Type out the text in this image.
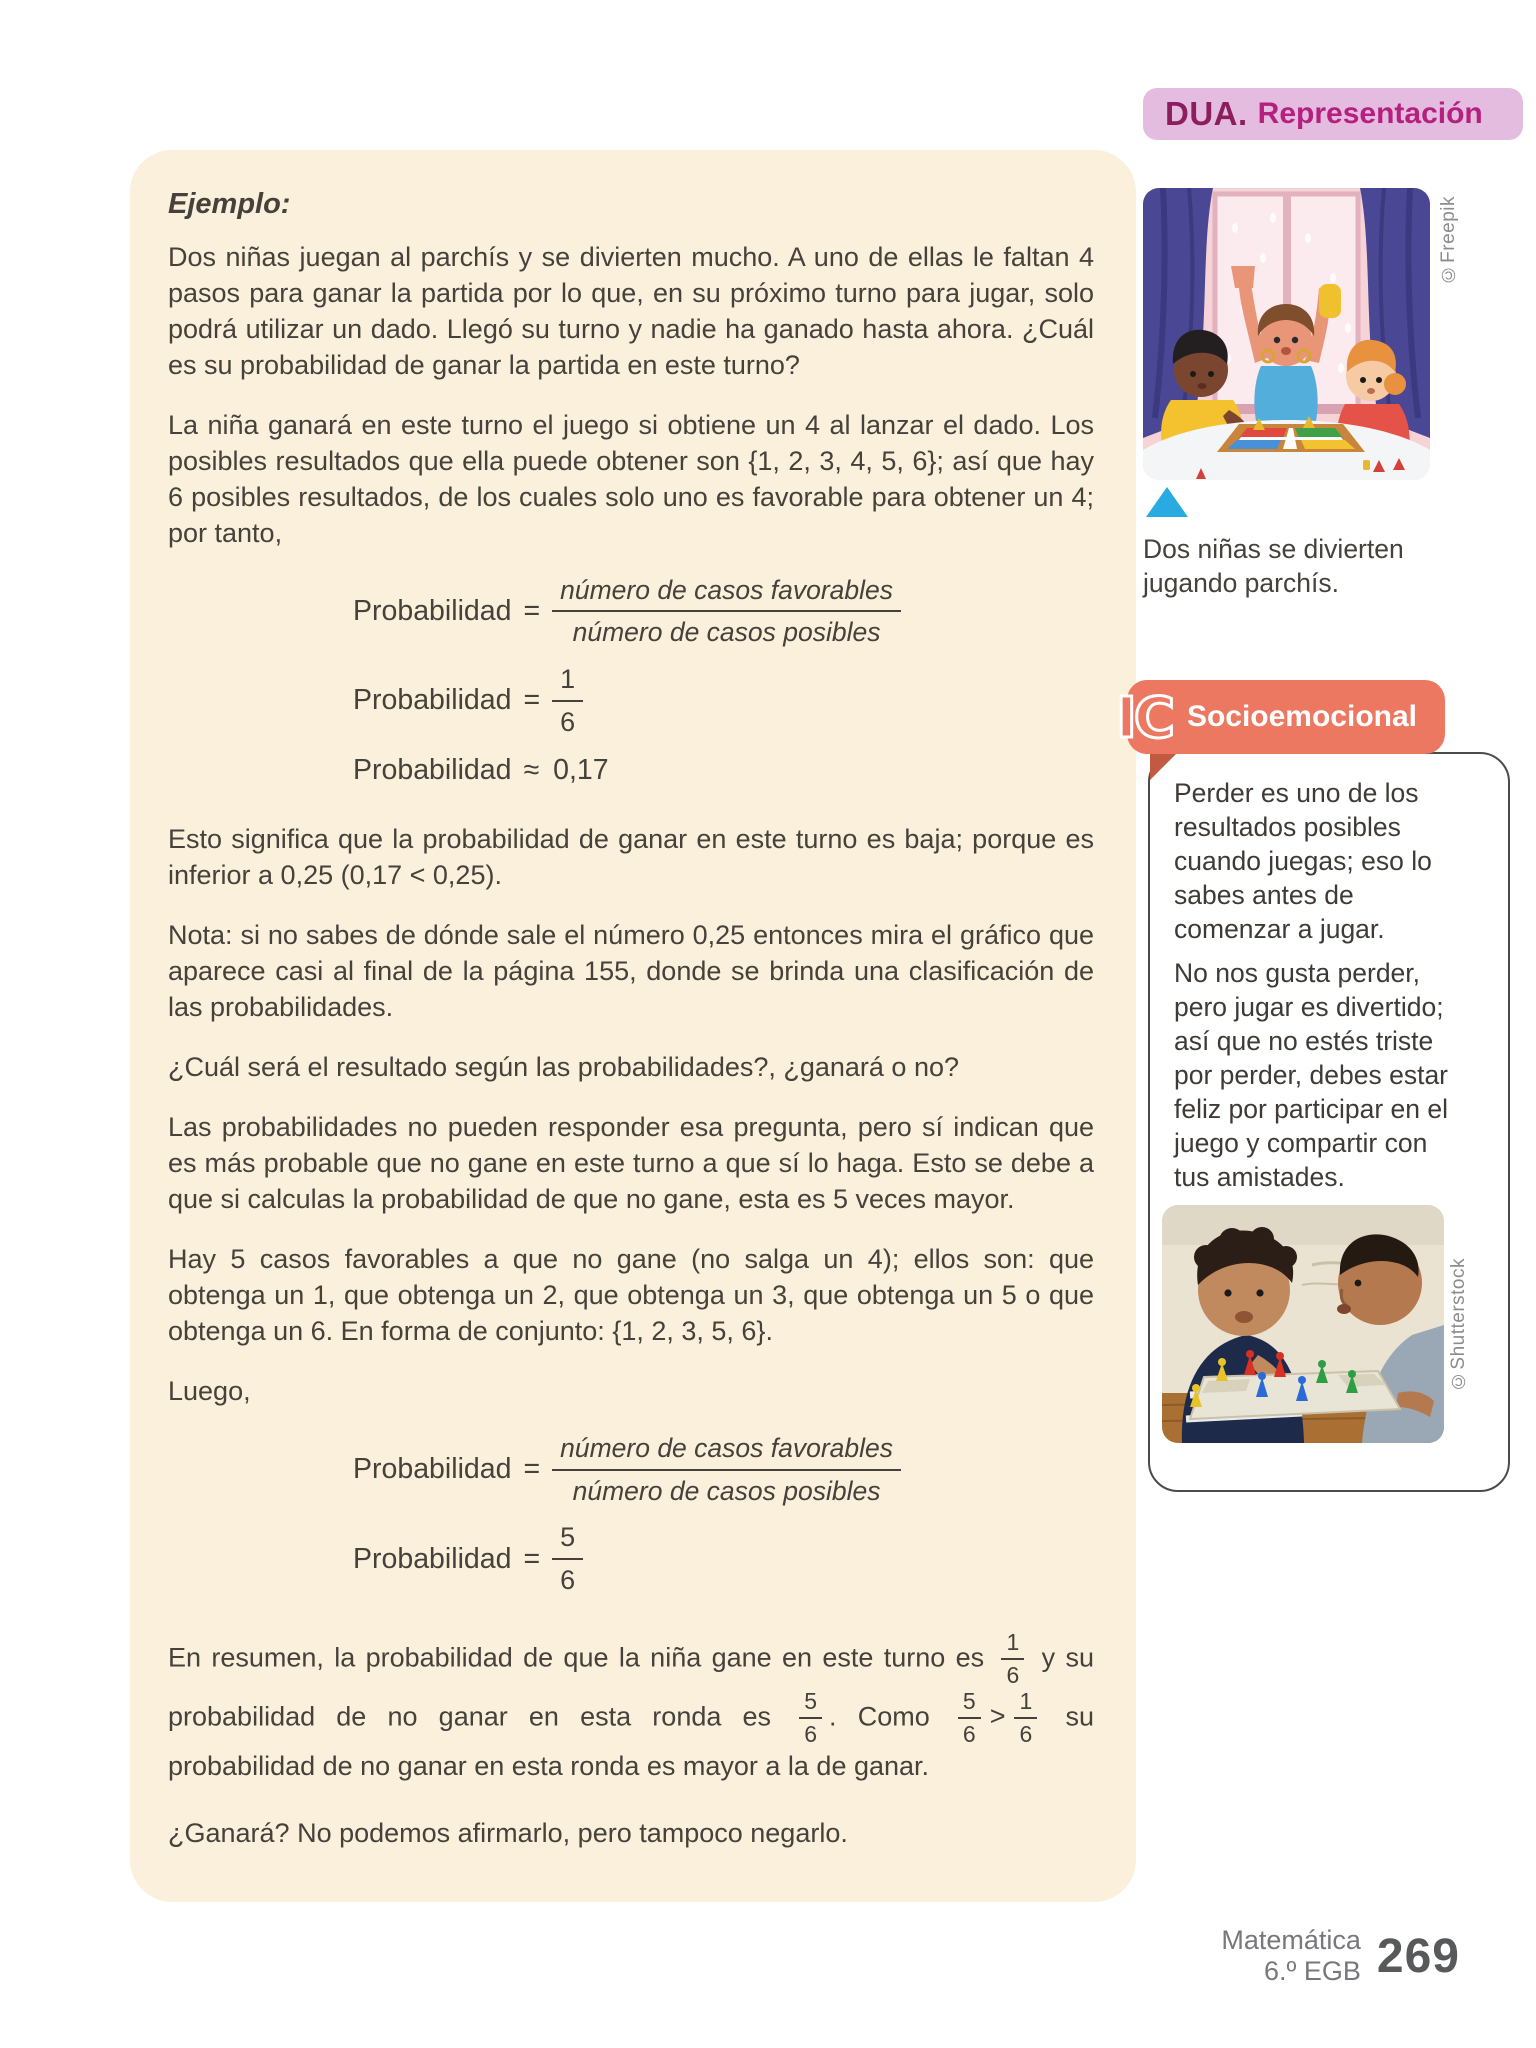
DUA. Representación

Ejemplo:

Dos niñas juegan al parchís y se divierten mucho. A uno de ellas le faltan 4 pasos para ganar la partida por lo que, en su próximo turno para jugar, solo podrá utilizar un dado. Llegó su turno y nadie ha ganado hasta ahora. ¿Cuál es su probabilidad de ganar la partida en este turno?

La niña ganará en este turno el juego si obtiene un 4 al lanzar el dado. Los posibles resultados que ella puede obtener son {1, 2, 3, 4, 5, 6}; así que hay 6 posibles resultados, de los cuales solo uno es favorable para obtener un 4; por tanto,

Probabilidad = $\frac{\text{número de casos favorables}}{\text{número de casos posibles}}$
Probabilidad = $\frac{1}{6}$
Probabilidad ≈ 0,17

Esto significa que la probabilidad de ganar en este turno es baja; porque es inferior a 0,25 (0,17 < 0,25).

Nota: si no sabes de dónde sale el número 0,25 entonces mira el gráfico que aparece casi al final de la página 155, donde se brinda una clasificación de las probabilidades.

¿Cuál será el resultado según las probabilidades?, ¿ganará o no?

Las probabilidades no pueden responder esa pregunta, pero sí indican que es más probable que no gane en este turno a que sí lo haga. Esto se debe a que si calculas la probabilidad de que no gane, esta es 5 veces mayor.

Hay 5 casos favorables a que no gane (no salga un 4); ellos son: que obtenga un 1, que obtenga un 2, que obtenga un 3, que obtenga un 5 o que obtenga un 6. En forma de conjunto: {1, 2, 3, 5, 6}.

Luego,

Probabilidad = $\frac{\text{número de casos favorables}}{\text{número de casos posibles}}$
Probabilidad = $\frac{5}{6}$

En resumen, la probabilidad de que la niña gane en este turno es $\frac{1}{6}$ y su probabilidad de no ganar en esta ronda es $\frac{5}{6}$ . Como $\frac{5}{6} > \frac{1}{6}$ su probabilidad de no ganar en esta ronda es mayor a la de ganar.

¿Ganará? No podemos afirmarlo, pero tampoco negarlo.

©Freepik
Dos niñas se divierten jugando parchís.
Socioemocional
IC

Perder es uno de los resultados posibles cuando juegas; eso lo sabes antes de comenzar a jugar.

No nos gusta perder, pero jugar es divertido; así que no estés triste por perder, debes estar feliz por participar en el juego y compartir con tus amistades.

©Shutterstock
Matemática
6.º EGB 269
